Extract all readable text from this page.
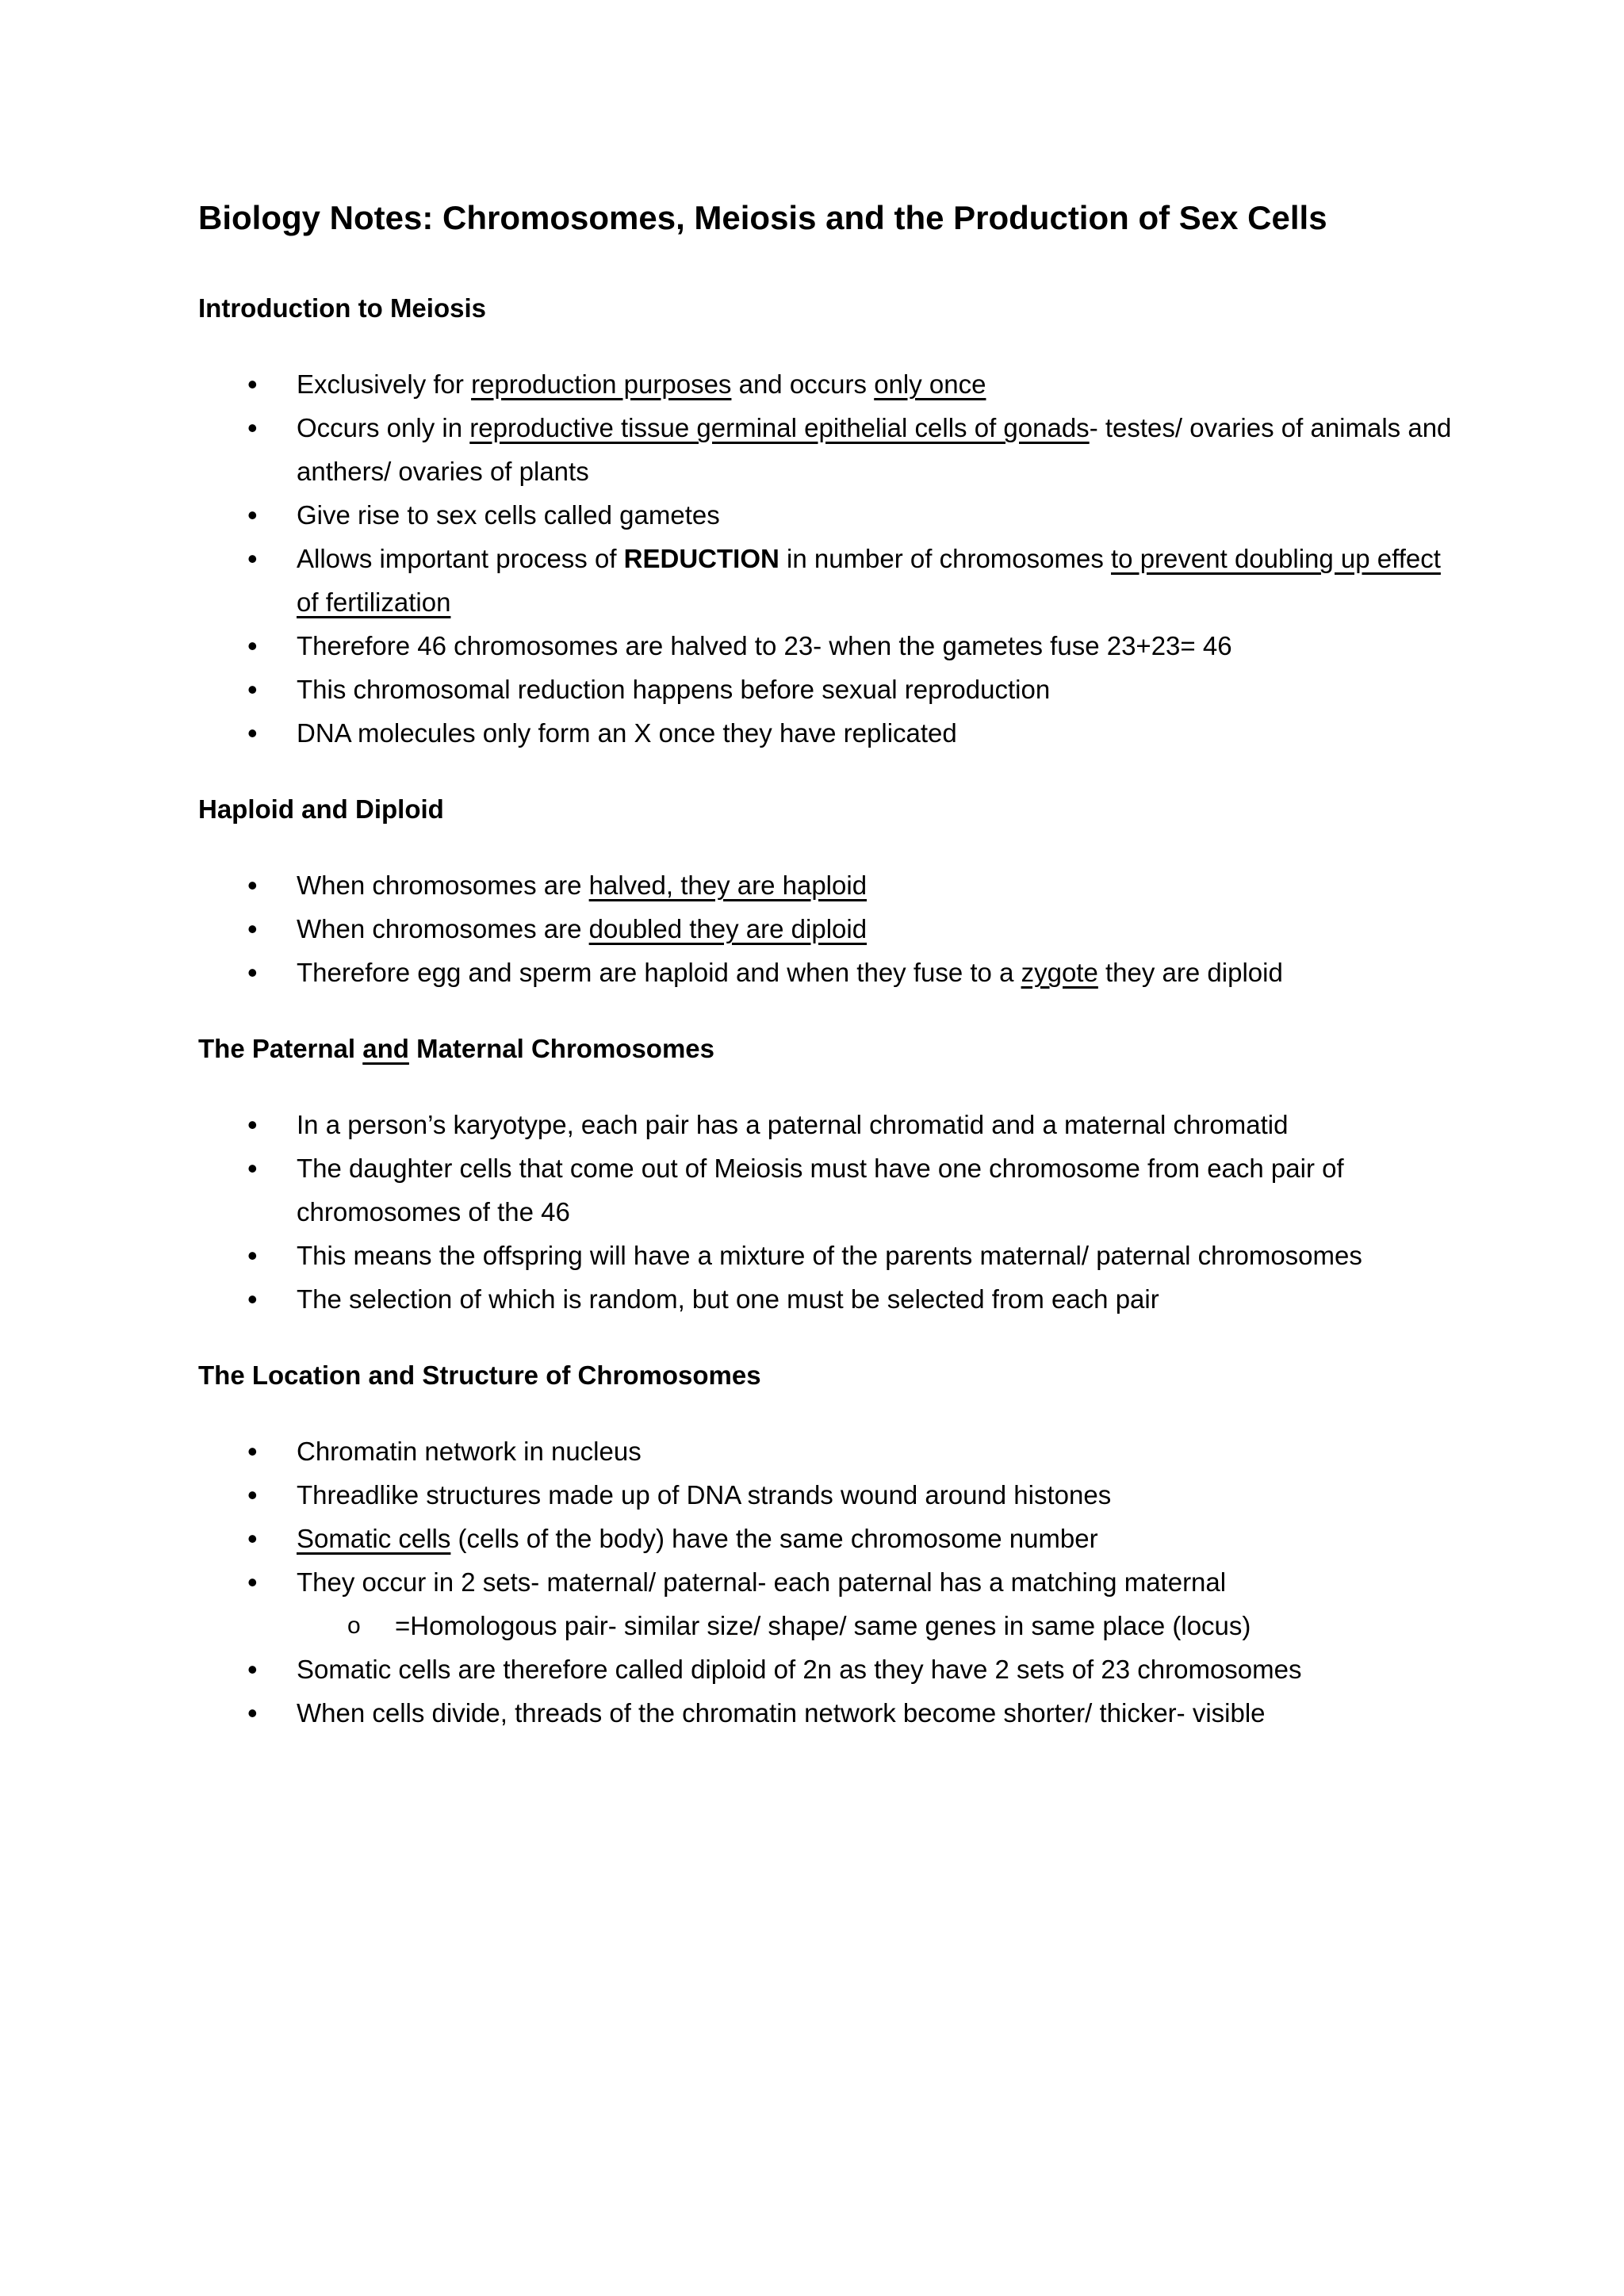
Biology Notes: Chromosomes, Meiosis and the Production of Sex Cells
Introduction to Meiosis
• Exclusively for reproduction purposes and occurs only once
• Occurs only in reproductive tissue germinal epithelial cells of gonads- testes/ ovaries of animals and anthers/ ovaries of plants
• Give rise to sex cells called gametes
• Allows important process of REDUCTION in number of chromosomes to prevent doubling up effect of fertilization
• Therefore 46 chromosomes are halved to 23- when the gametes fuse 23+23= 46
• This chromosomal reduction happens before sexual reproduction
• DNA molecules only form an X once they have replicated
Haploid and Diploid
• When chromosomes are halved, they are haploid
• When chromosomes are doubled they are diploid
• Therefore egg and sperm are haploid and when they fuse to a zygote they are diploid
The Paternal and Maternal Chromosomes
• In a person’s karyotype, each pair has a paternal chromatid and a maternal chromatid
• The daughter cells that come out of Meiosis must have one chromosome from each pair of chromosomes of the 46
• This means the offspring will have a mixture of the parents maternal/ paternal chromosomes
• The selection of which is random, but one must be selected from each pair
The Location and Structure of Chromosomes
• Chromatin network in nucleus
• Threadlike structures made up of DNA strands wound around histones
• Somatic cells (cells of the body) have the same chromosome number
• They occur in 2 sets- maternal/ paternal- each paternal has a matching maternal
o =Homologous pair- similar size/ shape/ same genes in same place (locus)
• Somatic cells are therefore called diploid of 2n as they have 2 sets of 23 chromosomes
• When cells divide, threads of the chromatin network become shorter/ thicker- visible
